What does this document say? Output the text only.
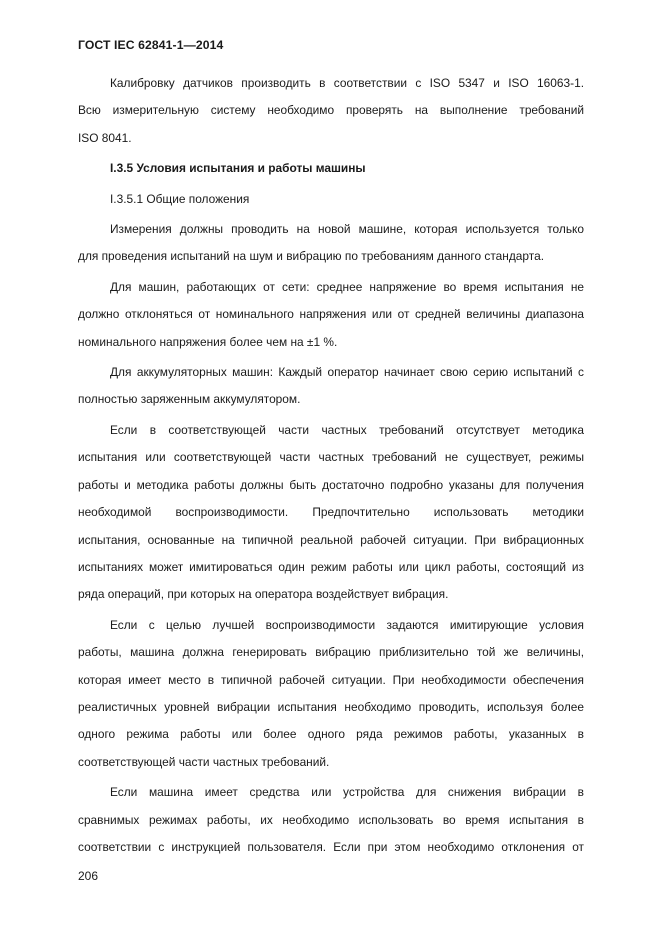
ГОСТ IEC 62841-1—2014
Калибровку датчиков производить в соответствии с ISO 5347 и ISO 16063-1.
Всю измерительную систему необходимо проверять на выполнение требований
ISO 8041.
I.3.5 Условия испытания и работы машины
I.3.5.1 Общие положения
Измерения должны проводить на новой машине, которая используется только
для проведения испытаний на шум и вибрацию по требованиям данного стандарта.
Для машин, работающих от сети: среднее напряжение во время испытания не
должно отклоняться от номинального напряжения или от средней величины диапазона
номинального напряжения более чем на ±1 %.
Для аккумуляторных машин: Каждый оператор начинает свою серию испытаний с
полностью заряженным аккумулятором.
Если в соответствующей части частных требований отсутствует методика
испытания или соответствующей части частных требований не существует, режимы
работы и методика работы должны быть достаточно подробно указаны для получения
необходимой воспроизводимости. Предпочтительно использовать методики
испытания, основанные на типичной реальной рабочей ситуации. При вибрационных
испытаниях может имитироваться один режим работы или цикл работы, состоящий из
ряда операций, при которых на оператора воздействует вибрация.
Если с целью лучшей воспроизводимости задаются имитирующие условия
работы, машина должна генерировать вибрацию приблизительно той же величины,
которая имеет место в типичной рабочей ситуации. При необходимости обеспечения
реалистичных уровней вибрации испытания необходимо проводить, используя более
одного режима работы или более одного ряда режимов работы, указанных в
соответствующей части частных требований.
Если машина имеет средства или устройства для снижения вибрации в
сравнимых режимах работы, их необходимо использовать во время испытания в
соответствии с инструкцией пользователя. Если при этом необходимо отклонения от
206
